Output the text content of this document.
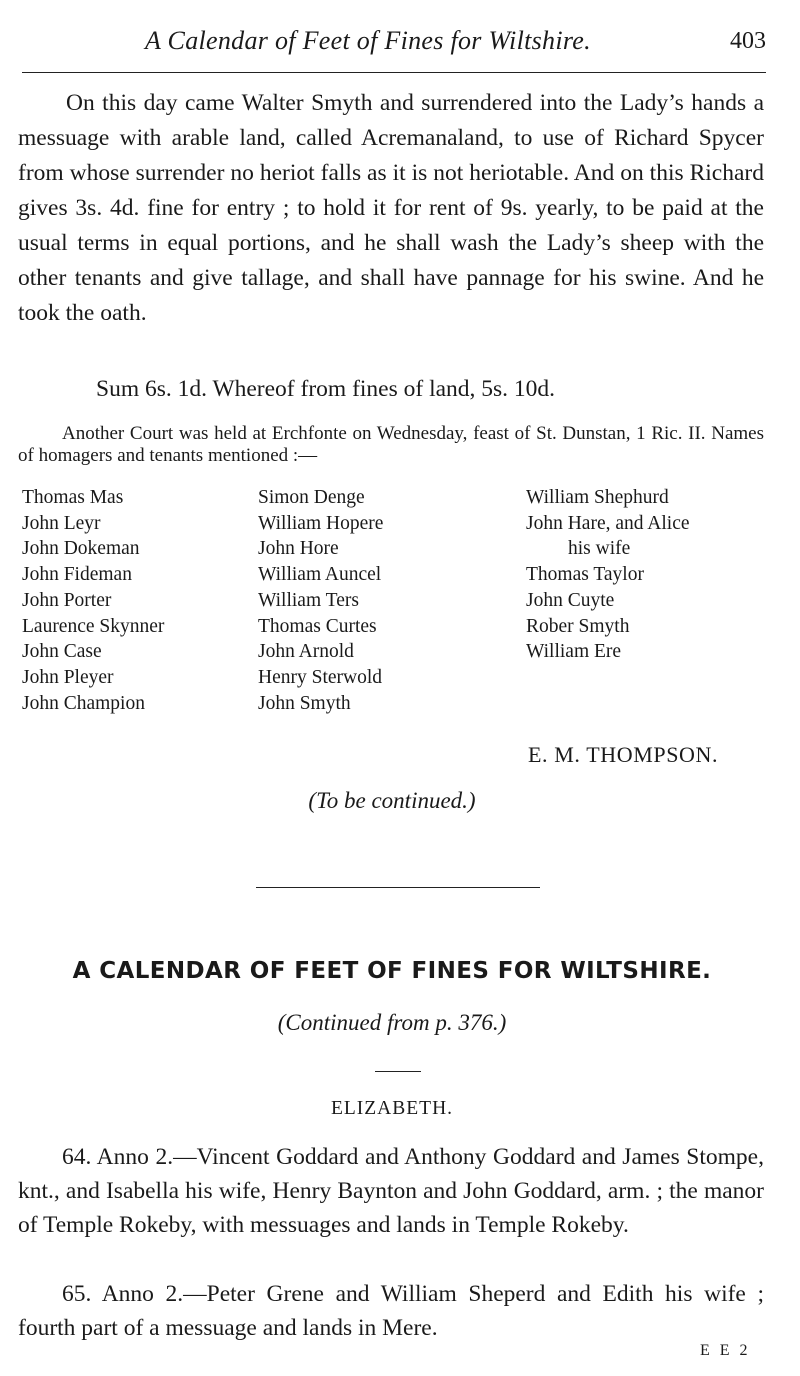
A Calendar of Feet of Fines for Wiltshire.	403

On this day came Walter Smyth and surrendered into the Lady’s hands a messuage with arable land, called Acremanaland, to use of Richard Spycer from whose surrender no heriot falls as it is not heriotable. And on this Richard gives 3s. 4d. fine for entry ; to hold it for rent of 9s. yearly, to be paid at the usual terms in equal portions, and he shall wash the Lady’s sheep with the other tenants and give tallage, and shall have pannage for his swine. And he took the oath.

Sum 6s. 1d. Whereof from fines of land, 5s. 10d.

Another Court was held at Erchfonte on Wednesday, feast of St. Dunstan, 1 Ric. II. Names of homagers and tenants mentioned :—

Thomas Mas
John Leyr
John Dokeman
John Fideman
John Porter
Laurence Skynner
John Case
John Pleyer
John Champion
Simon Denge
William Hopere
John Hore
William Auncel
William Ters
Thomas Curtes
John Arnold
Henry Sterwold
John Smyth
William Shephurd
John Hare, and Alice
his wife
Thomas Taylor
John Cuyte
Rober Smyth
William Ere
E. M. THOMPSON.
(To be continued.)
A CALENDAR OF FEET OF FINES FOR WILTSHIRE.
(Continued from p. 376.)
ELIZABETH.

64. Anno 2.—Vincent Goddard and Anthony Goddard and James Stompe, knt., and Isabella his wife, Henry Baynton and John Goddard, arm. ; the manor of Temple Rokeby, with messuages and lands in Temple Rokeby.

65. Anno 2.—Peter Grene and William Sheperd and Edith his wife ; fourth part of a messuage and lands in Mere.

E E 2
